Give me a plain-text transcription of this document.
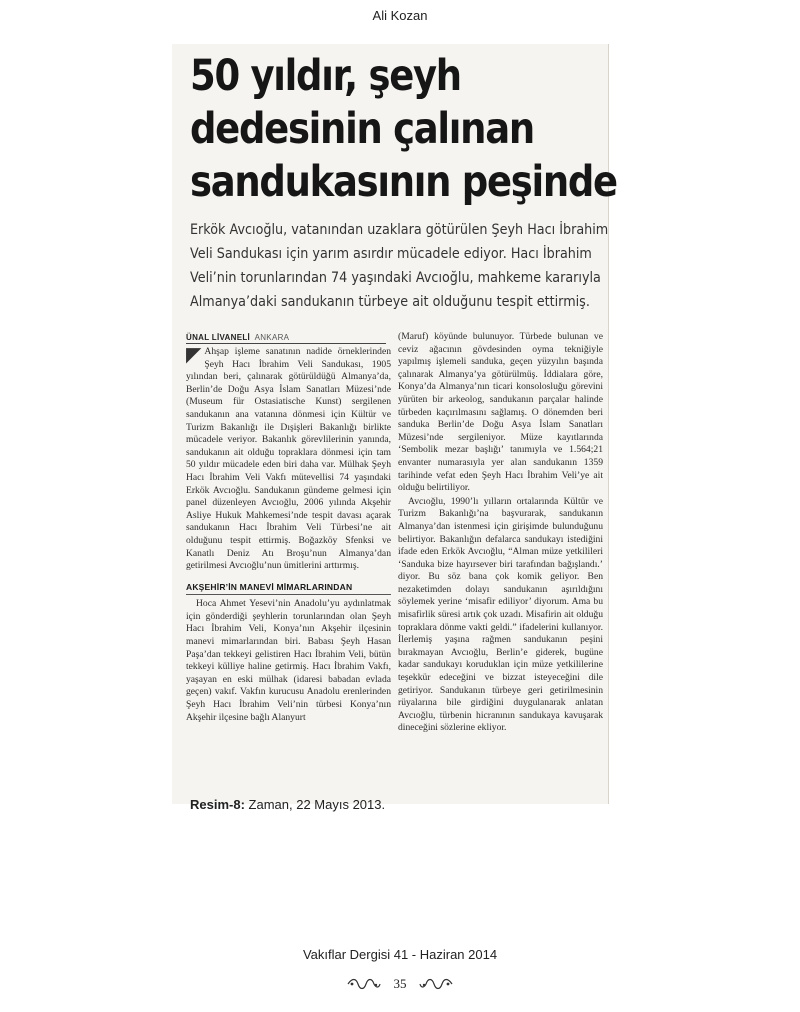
Ali Kozan
50 yıldır, şeyh
dedesinin çalınan
sandukasının peşinde

Erkök Avcıoğlu, vatanından uzaklara götürülen Şeyh Hacı İbrahim
Veli Sandukası için yarım asırdır mücadele ediyor. Hacı İbrahim
Veli’nin torunlarından 74 yaşındaki Avcıoğlu, mahkeme kararıyla
Almanya’daki sandukanın türbeye ait olduğunu tespit ettirmiş.

ÜNAL LİVANELİ ANKARA

◤ Ahşap işleme sanatının nadide örneklerinden Şeyh Hacı İbrahim Veli Sandukası, 1905 yılından beri, çalınarak götürüldüğü Almanya’da, Berlin’de Doğu Asya İslam Sanatları Müzesi’nde (Museum für Ostasiatische Kunst) sergilenen sandukanın ana vatanına dönmesi için Kültür ve Turizm Bakanlığı ile Dışişleri Bakanlığı birlikte mücadele veriyor. Bakanlık görevlilerinin yanında, sandukanın ait olduğu topraklara dönmesi için tam 50 yıldır mücadele eden biri daha var. Mülhak Şeyh Hacı İbrahim Veli Vakfı mütevellisi 74 yaşındaki Erkök Avcıoğlu. Sandukanın gündeme gelmesi için panel düzenleyen Avcıoğlu, 2006 yılında Akşehir Asliye Hukuk Mahkemesi’nde tespit davası açarak sandukanın Hacı İbrahim Veli Türbesi’ne ait olduğunu tespit ettirmiş. Boğazköy Sfenksi ve Kanatlı Deniz Atı Broşu’nun Almanya’dan getirilmesi Avcıoğlu’nun ümitlerini arttırmış.

AKŞEHİR’İN MANEVİ MİMARLARINDAN

Hoca Ahmet Yesevi’nin Anadolu’yu aydınlatmak için gönderdiği şeyhlerin torunlarından olan Şeyh Hacı İbrahim Veli, Konya’nın Akşehir ilçesinin manevi mimarlarından biri. Babası Şeyh Hasan Paşa’dan tekkeyi gelistiren Hacı İbrahim Veli, bütün tekkeyi külliye haline getirmiş. Hacı İbrahim Vakfı, yaşayan en eski mülhak (idaresi babadan evlada geçen) vakıf. Vakfın kurucusu Anadolu erenlerinden Şeyh Hacı İbrahim Veli’nin türbesi Konya’nın Akşehir ilçesine bağlı Alanyurt

(Maruf) köyünde bulunuyor. Türbede bulunan ve ceviz ağacının gövdesinden oyma tekniğiyle yapılmış işlemeli sanduka, geçen yüzyılın başında çalınarak Almanya’ya götürülmüş. İddialara göre, Konya’da Almanya’nın ticari konsolosluğu görevini yürüten bir arkeolog, sandukanın parçalar halinde türbeden kaçırılmasını sağlamış. O dönemden beri sanduka Berlin’de Doğu Asya İslam Sanatları Müzesi’nde sergileniyor. Müze kayıtlarında ‘Sembolik mezar başlığı’ tanımıyla ve 1.564;21 envanter numarasıyla yer alan sandukanın 1359 tarihinde vefat eden Şeyh Hacı İbrahim Veli’ye ait olduğu belirtiliyor.

Avcıoğlu, 1990’lı yılların ortalarında Kültür ve Turizm Bakanlığı’na başvurarak, sandukanın Almanya’dan istenmesi için girişimde bulunduğunu belirtiyor. Bakanlığın defalarca sandukayı istediğini ifade eden Erkök Avcıoğlu, “Alman müze yetkilileri ‘Sanduka bize hayırsever biri tarafından bağışlandı.’ diyor. Bu söz bana çok komik geliyor. Ben nezaketimden dolayı sandukanın aşırıldığını söylemek yerine ‘misafir ediliyor’ diyorum. Ama bu misafirlik süresi artık çok uzadı. Misafirin ait olduğu topraklara dönme vakti geldi.” ifadelerini kullanıyor. İlerlemiş yaşına rağmen sandukanın peşini bırakmayan Avcıoğlu, Berlin’e giderek, bugüne kadar sandukayı koruduklan için müze yetkililerine teşekkür edeceğini ve bizzat isteyeceğini dile getiriyor. Sandukanın türbeye geri getirilmesinin rüyalarına bile girdiğini duygulanarak anlatan Avcıoğlu, türbenin hicranının sandukaya kavuşarak dineceğini sözlerine ekliyor.

Resim-8: Zaman, 22 Mayıs 2013.
Vakıflar Dergisi 41 - Haziran 2014
35
